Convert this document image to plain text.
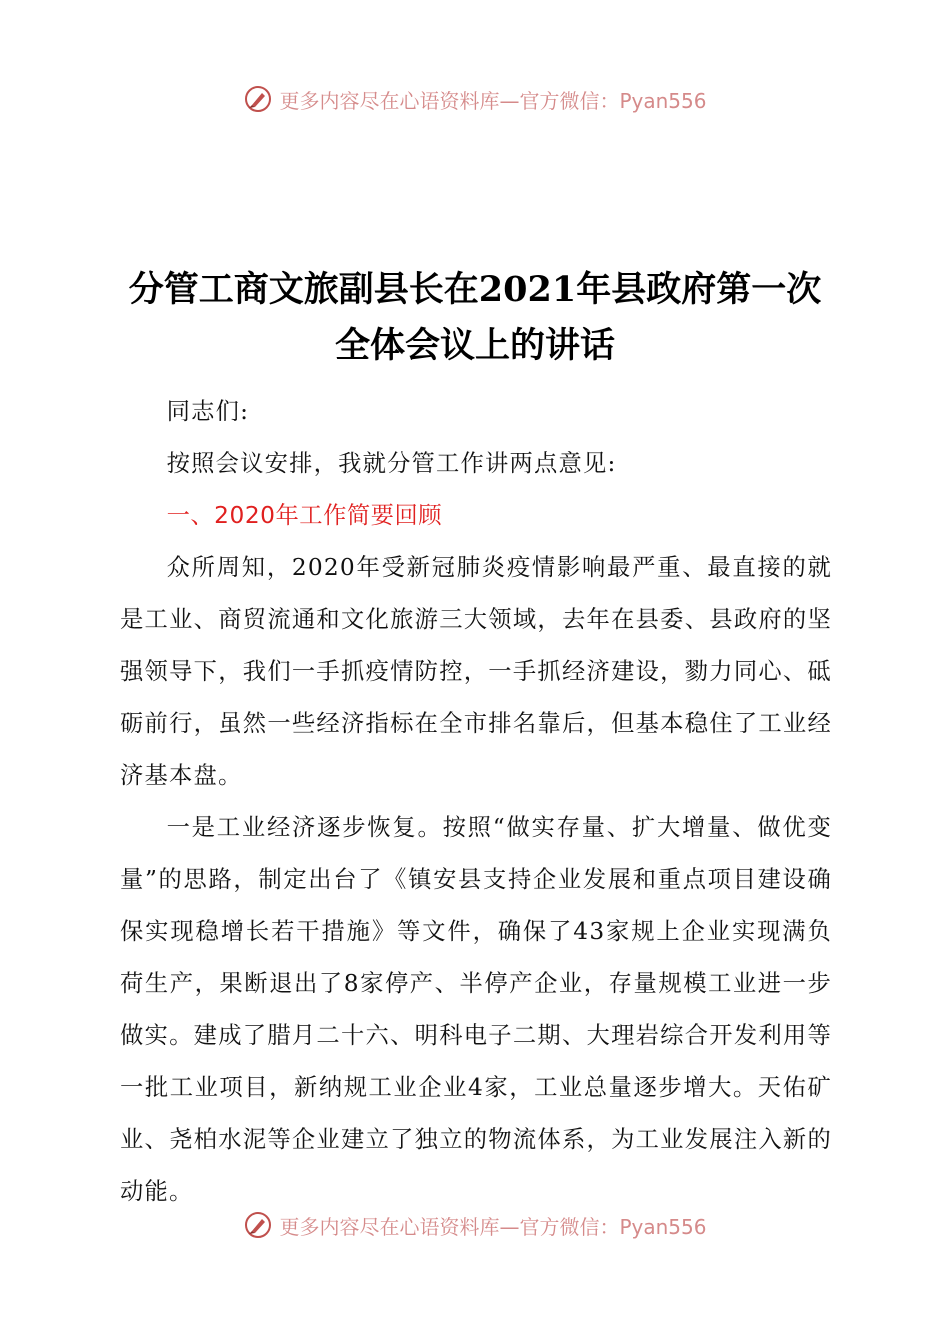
更多内容尽在心语资料库—官方微信：Pyan556
分管工商文旅副县长在2021年县政府第一次
全体会议上的讲话

同志们:

按照会议安排，我就分管工作讲两点意见:

一、2020年工作简要回顾

众所周知，2020年受新冠肺炎疫情影响最严重、最直接的就是工业、商贸流通和文化旅游三大领域，去年在县委、县政府的坚强领导下，我们一手抓疫情防控，一手抓经济建设，勠力同心、砥砺前行，虽然一些经济指标在全市排名靠后，但基本稳住了工业经济基本盘。

一是工业经济逐步恢复。按照“做实存量、扩大增量、做优变量”的思路，制定出台了《镇安县支持企业发展和重点项目建设确保实现稳增长若干措施》等文件，确保了43家规上企业实现满负荷生产，果断退出了8家停产、半停产企业，存量规模工业进一步做实。建成了腊月二十六、明科电子二期、大理岩综合开发利用等一批工业项目，新纳规工业企业4家，工业总量逐步增大。天佑矿业、尧柏水泥等企业建立了独立的物流体系，为工业发展注入新的动能。

更多内容尽在心语资料库—官方微信：Pyan556
